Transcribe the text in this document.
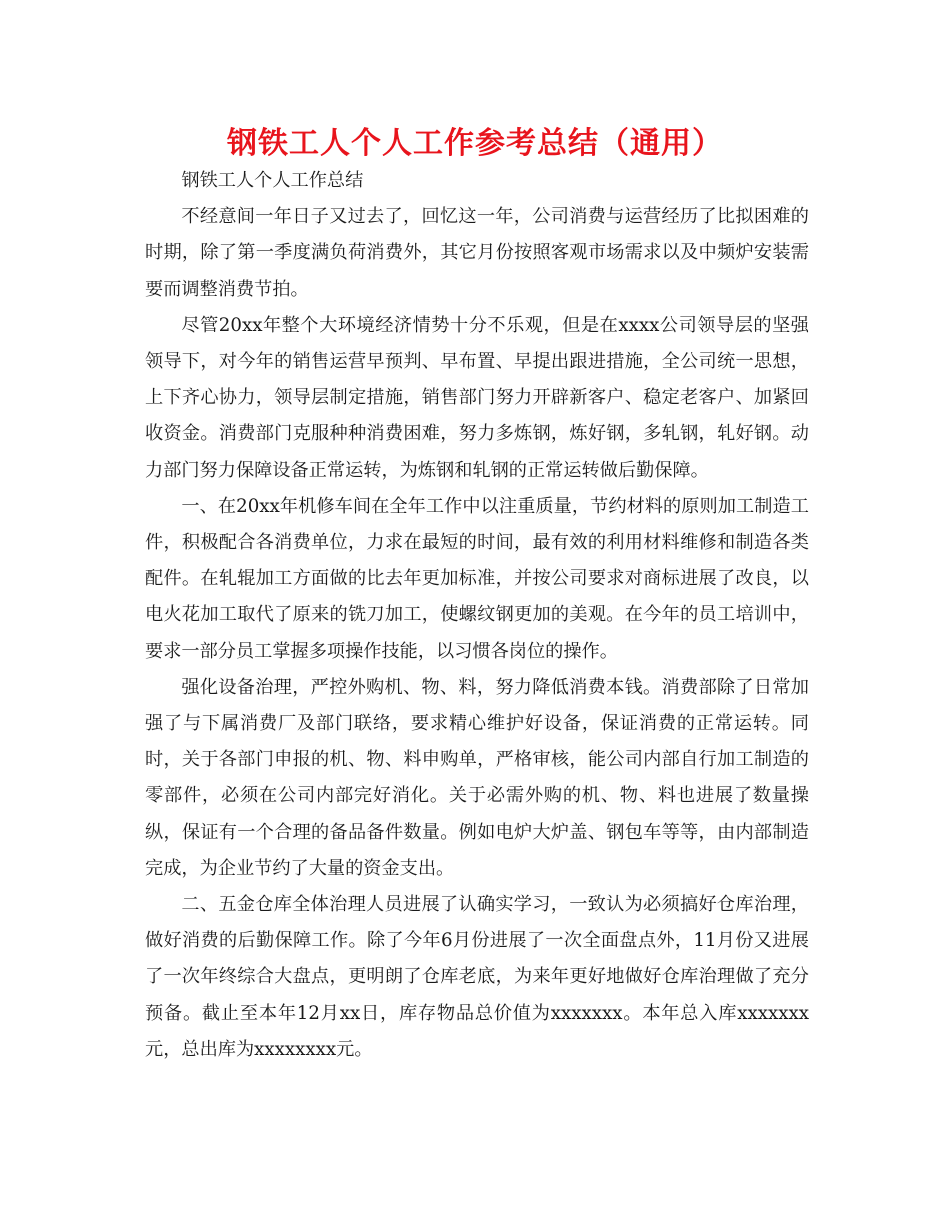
钢铁工人个人工作参考总结（通用）

钢铁工人个人工作总结

不经意间一年日子又过去了，回忆这一年，公司消费与运营经历了比拟困难的时期，除了第一季度满负荷消费外，其它月份按照客观市场需求以及中频炉安装需要而调整消费节拍。

尽管20xx年整个大环境经济情势十分不乐观，但是在xxxx公司领导层的坚强领导下，对今年的销售运营早预判、早布置、早提出跟进措施，全公司统一思想，上下齐心协力，领导层制定措施，销售部门努力开辟新客户、稳定老客户、加紧回收资金。消费部门克服种种消费困难，努力多炼钢，炼好钢，多轧钢，轧好钢。动力部门努力保障设备正常运转，为炼钢和轧钢的正常运转做后勤保障。

一、在20xx年机修车间在全年工作中以注重质量，节约材料的原则加工制造工件，积极配合各消费单位，力求在最短的时间，最有效的利用材料维修和制造各类配件。在轧辊加工方面做的比去年更加标准，并按公司要求对商标进展了改良，以电火花加工取代了原来的铣刀加工，使螺纹钢更加的美观。在今年的员工培训中，要求一部分员工掌握多项操作技能，以习惯各岗位的操作。

强化设备治理，严控外购机、物、料，努力降低消费本钱。消费部除了日常加强了与下属消费厂及部门联络，要求精心维护好设备，保证消费的正常运转。同时，关于各部门申报的机、物、料申购单，严格审核，能公司内部自行加工制造的零部件，必须在公司内部完好消化。关于必需外购的机、物、料也进展了数量操纵，保证有一个合理的备品备件数量。例如电炉大炉盖、钢包车等等，由内部制造完成，为企业节约了大量的资金支出。

二、五金仓库全体治理人员进展了认确实学习，一致认为必须搞好仓库治理，做好消费的后勤保障工作。除了今年6月份进展了一次全面盘点外，11月份又进展了一次年终综合大盘点，更明朗了仓库老底，为来年更好地做好仓库治理做了充分预备。截止至本年12月xx日，库存物品总价值为xxxxxxx。本年总入库xxxxxxx元，总出库为xxxxxxxx元。
